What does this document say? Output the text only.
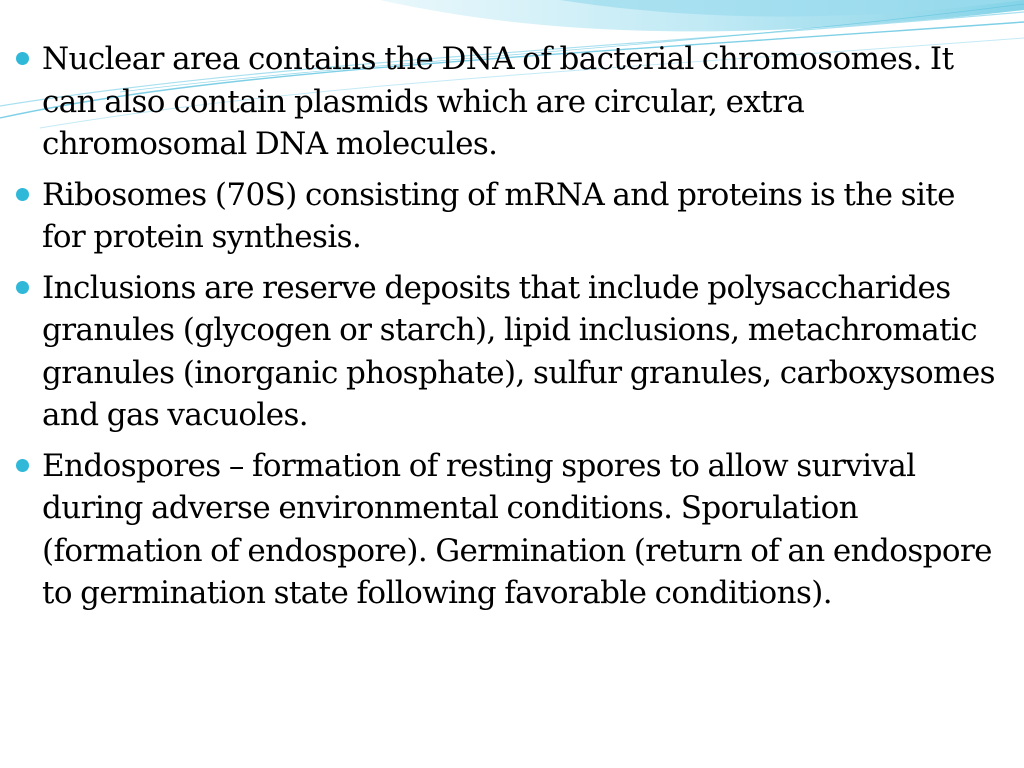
Nuclear area contains the DNA of bacterial chromosomes. It can also contain plasmids which are circular, extra chromosomal DNA molecules.
Ribosomes (70S) consisting of mRNA and proteins is the site for protein synthesis.
Inclusions are reserve deposits that include polysaccharides granules (glycogen or starch), lipid inclusions, metachromatic granules (inorganic phosphate), sulfur granules, carboxysomes and gas vacuoles.
Endospores – formation of resting spores to allow survival during adverse environmental conditions. Sporulation (formation of endospore). Germination (return of an endospore to germination state following favorable conditions).
